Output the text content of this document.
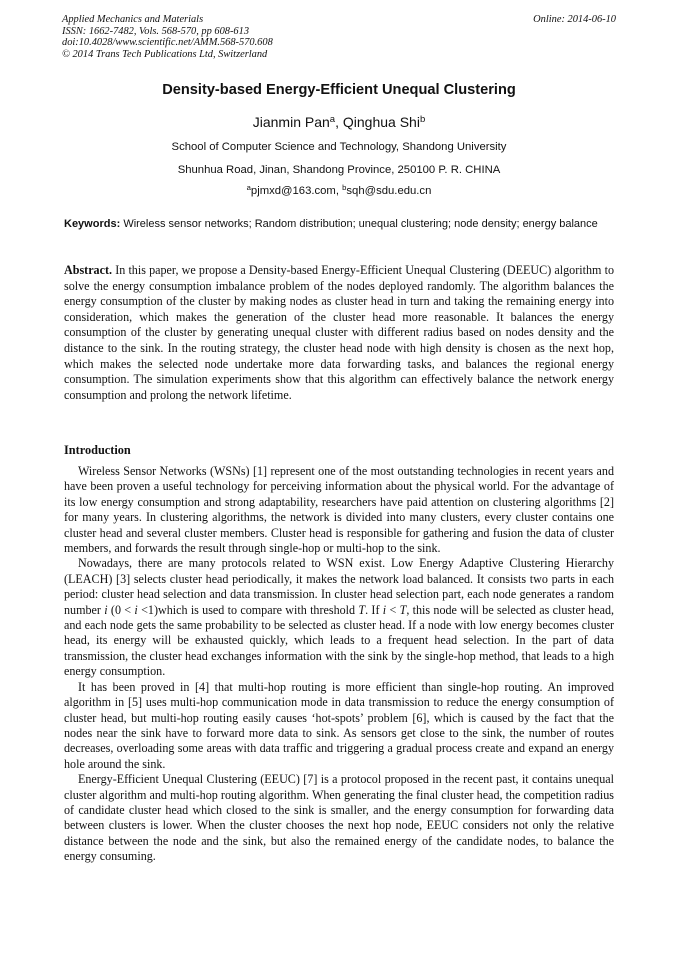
Applied Mechanics and Materials
ISSN: 1662-7482, Vols. 568-570, pp 608-613
doi:10.4028/www.scientific.net/AMM.568-570.608
© 2014 Trans Tech Publications Ltd, Switzerland
Online: 2014-06-10
Density-based Energy-Efficient Unequal Clustering
Jianmin Pan$^a$, Qinghua Shi$^b$
School of Computer Science and Technology, Shandong University
Shunhua Road, Jinan, Shandong Province, 250100 P. R. CHINA
$^a$pjmxd@163.com, $^b$sqh@sdu.edu.cn
Keywords: Wireless sensor networks; Random distribution; unequal clustering; node density; energy balance

Abstract. In this paper, we propose a Density-based Energy-Efficient Unequal Clustering (DEEUC) algorithm to solve the energy consumption imbalance problem of the nodes deployed randomly. The algorithm balances the energy consumption of the cluster by making nodes as cluster head in turn and taking the remaining energy into consideration, which makes the generation of the cluster head more reasonable. It balances the energy consumption of the cluster by generating unequal cluster with different radius based on nodes density and the distance to the sink. In the routing strategy, the cluster head node with high density is chosen as the next hop, which makes the selected node undertake more data forwarding tasks, and balances the regional energy consumption. The simulation experiments show that this algorithm can effectively balance the network energy consumption and prolong the network lifetime.

Introduction

Wireless Sensor Networks (WSNs) [1] represent one of the most outstanding technologies in recent years and have been proven a useful technology for perceiving information about the physical world. For the advantage of its low energy consumption and strong adaptability, researchers have paid attention on clustering algorithms [2] for many years. In clustering algorithms, the network is divided into many clusters, every cluster contains one cluster head and several cluster members. Cluster head is responsible for gathering and fusion the data of cluster members, and forwards the result through single-hop or multi-hop to the sink.

Nowadays, there are many protocols related to WSN exist. Low Energy Adaptive Clustering Hierarchy (LEACH) [3] selects cluster head periodically, it makes the network load balanced. It consists two parts in each period: cluster head selection and data transmission. In cluster head selection part, each node generates a random number i (0 < i <1)which is used to compare with threshold T. If i < T, this node will be selected as cluster head, and each node gets the same probability to be selected as cluster head. If a node with low energy becomes cluster head, its energy will be exhausted quickly, which leads to a frequent head selection. In the part of data transmission, the cluster head exchanges information with the sink by the single-hop method, that leads to a high energy consumption.

It has been proved in [4] that multi-hop routing is more efficient than single-hop routing. An improved algorithm in [5] uses multi-hop communication mode in data transmission to reduce the energy consumption of cluster head, but multi-hop routing easily causes ‘hot-spots’ problem [6], which is caused by the fact that the nodes near the sink have to forward more data to sink. As sensors get close to the sink, the number of routes decreases, overloading some areas with data traffic and triggering a gradual process create and expand an energy hole around the sink.

Energy-Efficient Unequal Clustering (EEUC) [7] is a protocol proposed in the recent past, it contains unequal cluster algorithm and multi-hop routing algorithm. When generating the final cluster head, the competition radius of candidate cluster head which closed to the sink is smaller, and the energy consumption for forwarding data between clusters is lower. When the cluster chooses the next hop node, EEUC considers not only the relative distance between the node and the sink, but also the remained energy of the candidate nodes, to balance the energy consuming.
